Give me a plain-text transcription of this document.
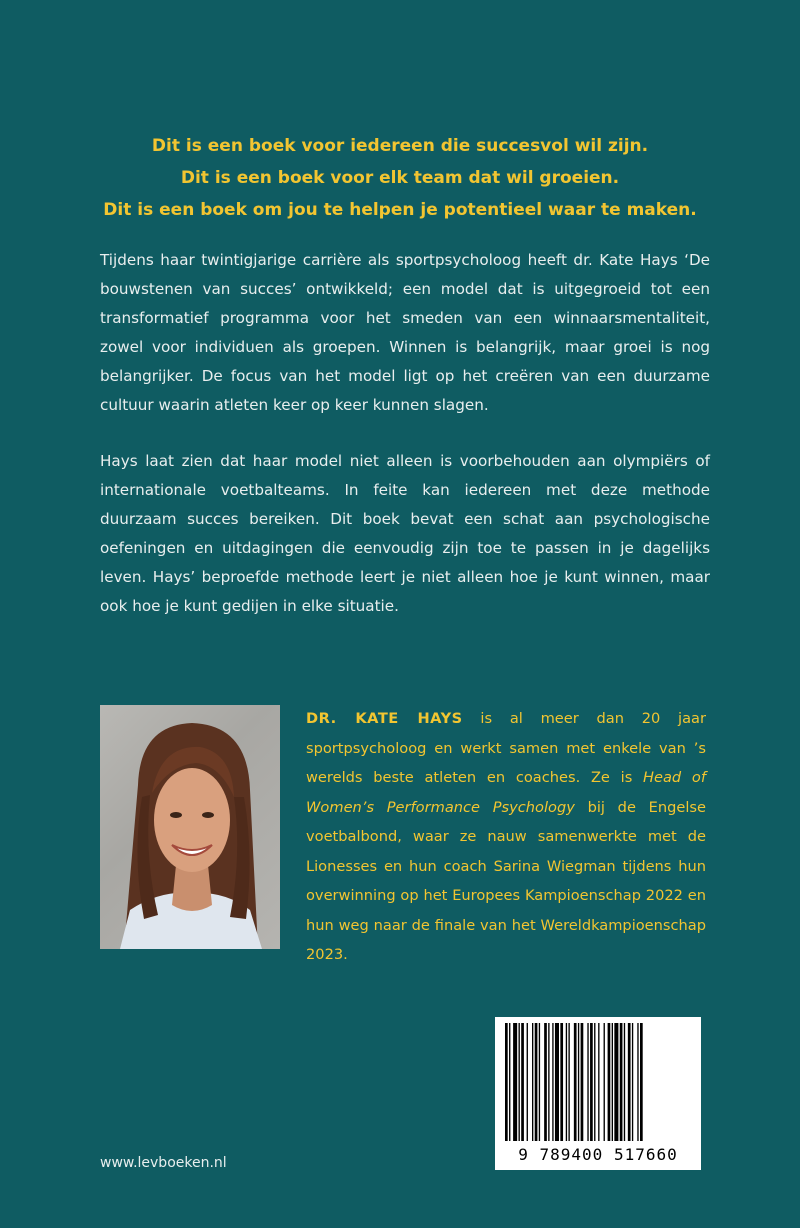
Dit is een boek voor iedereen die succesvol wil zijn.
Dit is een boek voor elk team dat wil groeien.
Dit is een boek om jou te helpen je potentieel waar te maken.

Tijdens haar twintigjarige carrière als sportpsycholoog heeft dr. Kate Hays ‘De bouwstenen van succes’ ontwikkeld; een model dat is uitgegroeid tot een transformatief programma voor het smeden van een winnaarsmentaliteit, zowel voor individuen als groepen. Winnen is belangrijk, maar groei is nog belangrijker. De focus van het model ligt op het creëren van een duurzame cultuur waarin atleten keer op keer kunnen slagen.

Hays laat zien dat haar model niet alleen is voorbehouden aan olympiërs of internationale voetbalteams. In feite kan iedereen met deze methode duurzaam succes bereiken. Dit boek bevat een schat aan psychologische oefeningen en uitdagingen die eenvoudig zijn toe te passen in je dagelijks leven. Hays’ beproefde methode leert je niet alleen hoe je kunt winnen, maar ook hoe je kunt gedijen in elke situatie.

DR. KATE HAYS is al meer dan 20 jaar sportpsycholoog en werkt samen met enkele van ’s werelds beste atleten en coaches. Ze is Head of Women’s Performance Psychology bij de Engelse voetbalbond, waar ze nauw samenwerkte met de Lionesses en hun coach Sarina Wiegman tijdens hun overwinning op het Europees Kampioenschap 2022 en hun weg naar de finale van het Wereldkampioenschap 2023.

9 789400 517660
www.levboeken.nl
